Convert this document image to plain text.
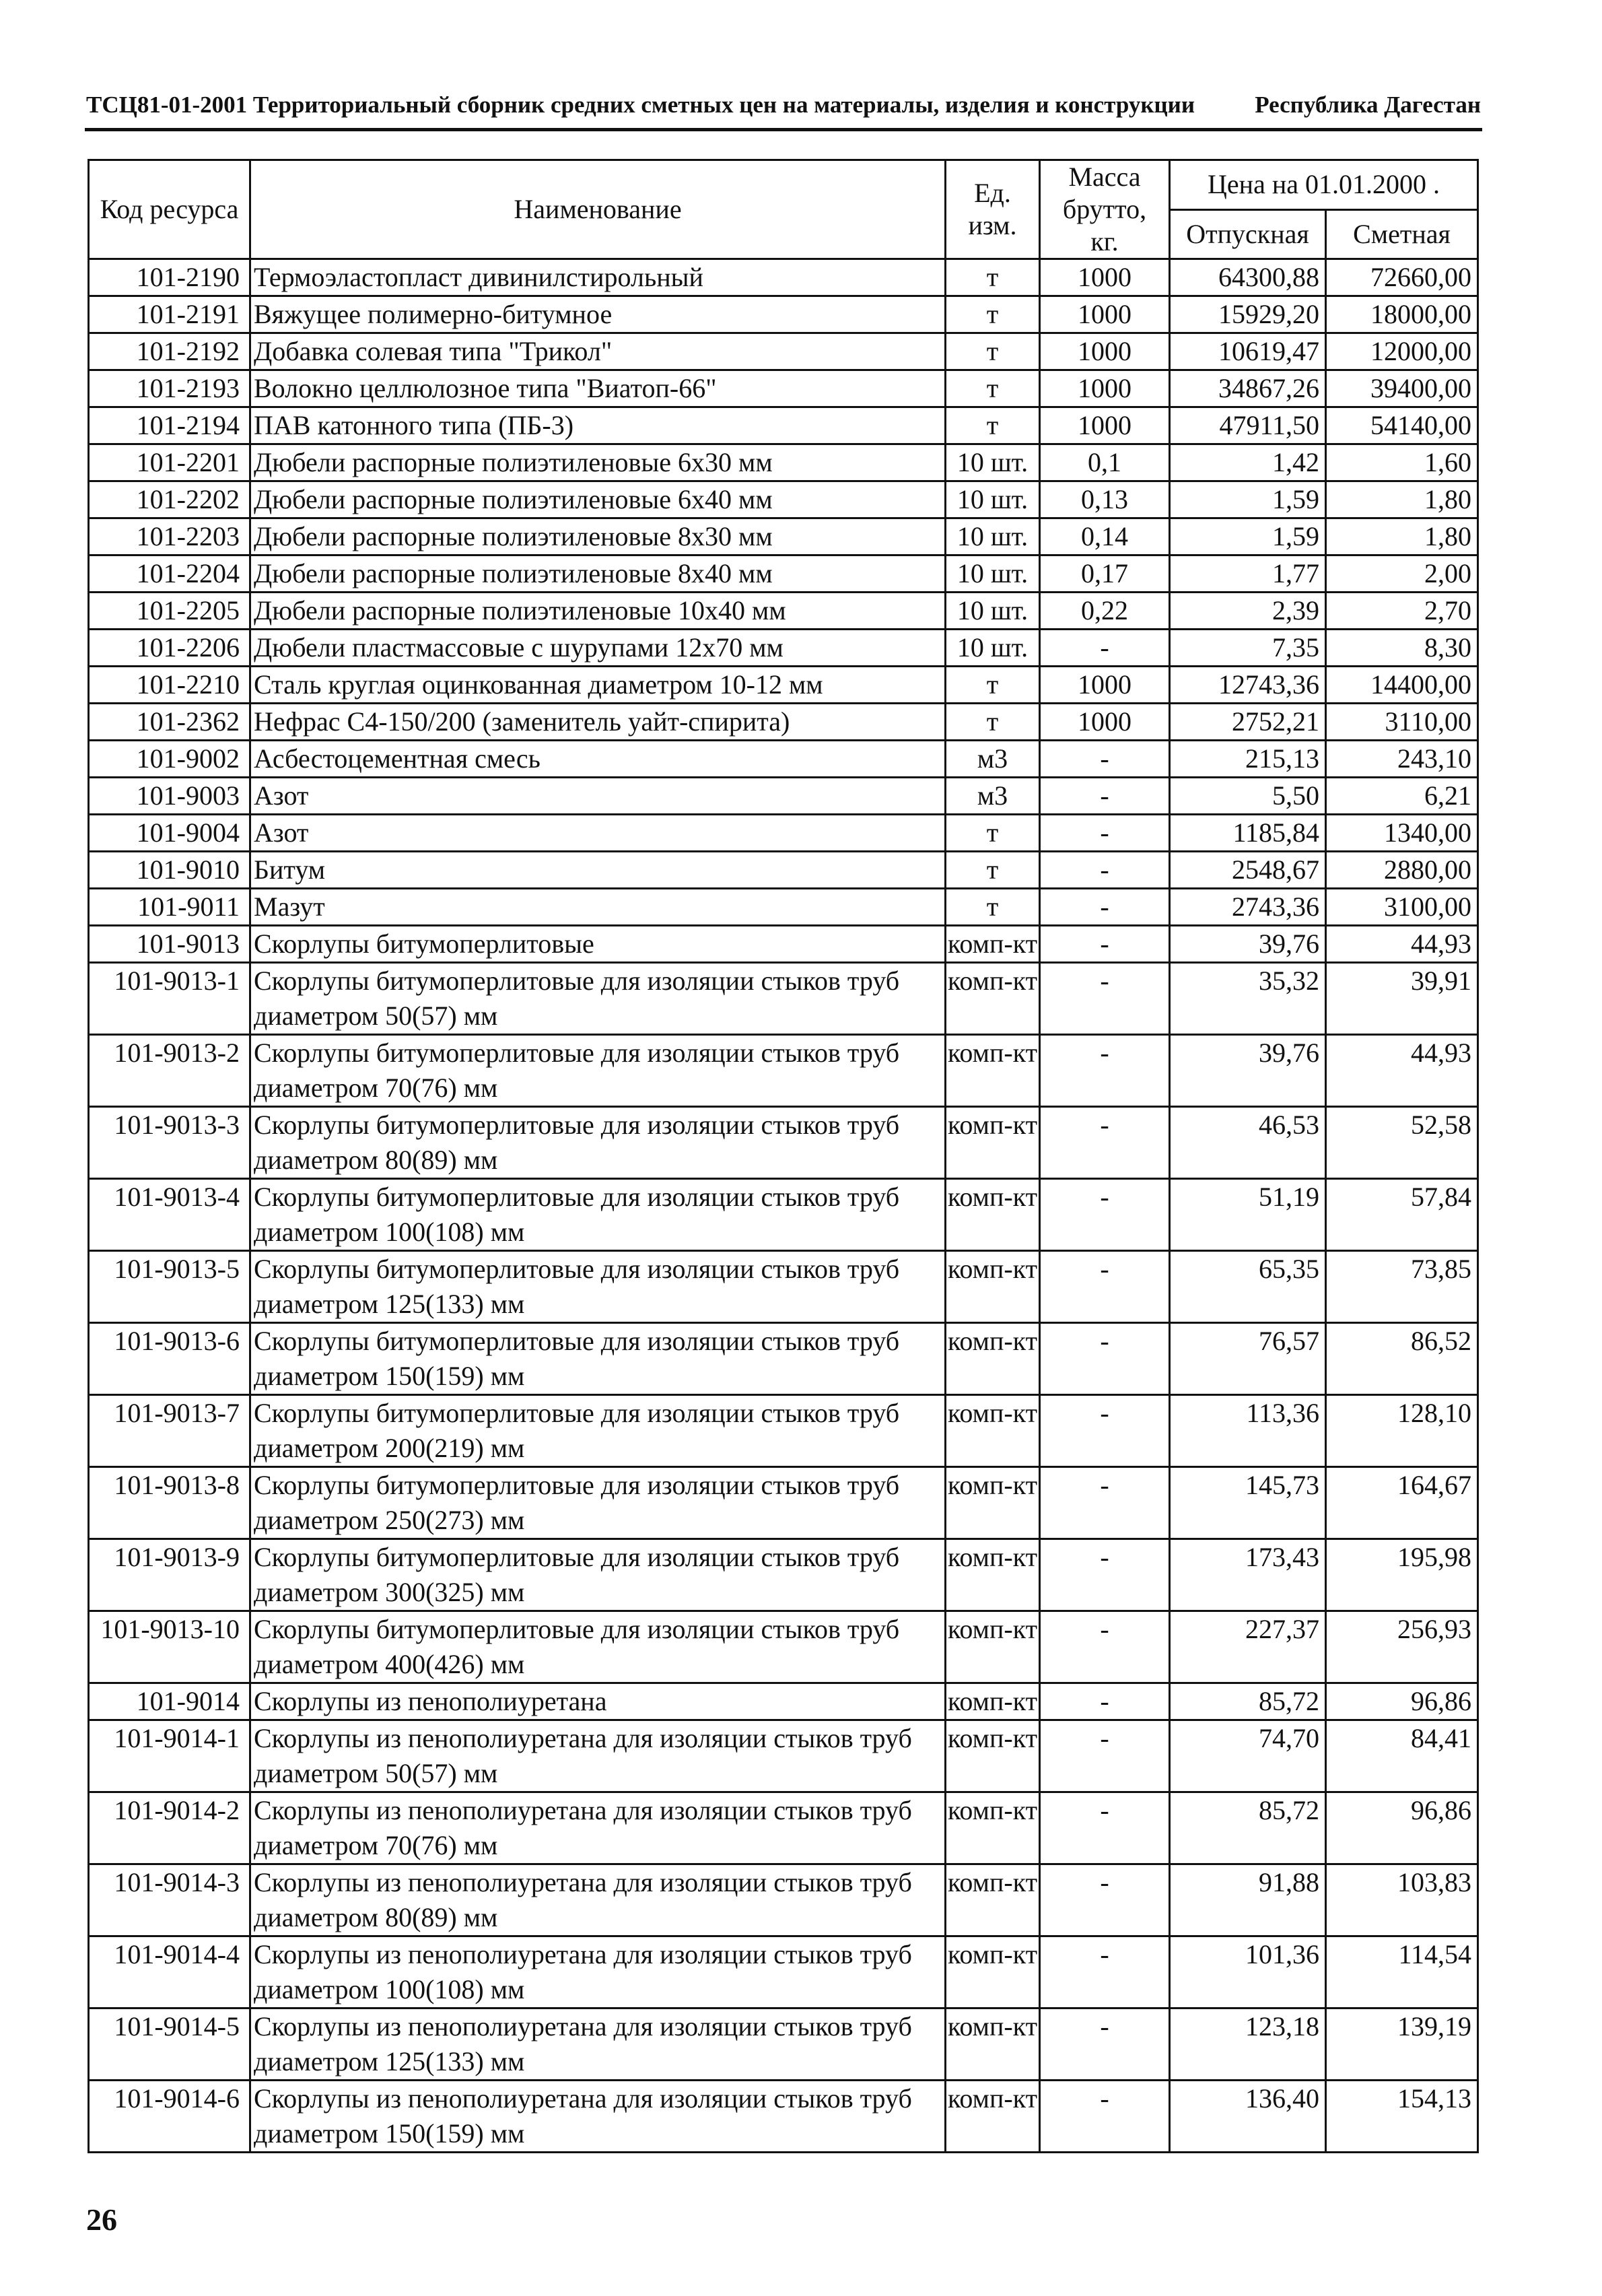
ТСЦ81-01-2001 Территориальный сборник средних сметных цен на материалы, изделия и конструкции	Республика Дагестан
Код ресурса	Наименование	Ед. изм.	Масса брутто, кг.	Цена на 01.01.2000 .	
				Отпускная	Сметная
101-2190	Термоэластопласт дивинилстирольный	т	1000	64300,88	72660,00
101-2191	Вяжущее полимерно-битумное	т	1000	15929,20	18000,00
101-2192	Добавка солевая типа "Трикол"	т	1000	10619,47	12000,00
101-2193	Волокно целлюлозное типа "Виатоп-66"	т	1000	34867,26	39400,00
101-2194	ПАВ катонного типа (ПБ-3)	т	1000	47911,50	54140,00
101-2201	Дюбели распорные полиэтиленовые 6x30 мм	10 шт.	0,1	1,42	1,60
101-2202	Дюбели распорные полиэтиленовые 6x40 мм	10 шт.	0,13	1,59	1,80
101-2203	Дюбели распорные полиэтиленовые 8x30 мм	10 шт.	0,14	1,59	1,80
101-2204	Дюбели распорные полиэтиленовые 8x40 мм	10 шт.	0,17	1,77	2,00
101-2205	Дюбели распорные полиэтиленовые 10x40 мм	10 шт.	0,22	2,39	2,70
101-2206	Дюбели пластмассовые с шурупами 12x70 мм	10 шт.	-	7,35	8,30
101-2210	Сталь круглая оцинкованная диаметром 10-12 мм	т	1000	12743,36	14400,00
101-2362	Нефрас С4-150/200 (заменитель уайт-спирита)	т	1000	2752,21	3110,00
101-9002	Асбестоцементная смесь	м3	-	215,13	243,10
101-9003	Азот	м3	-	5,50	6,21
101-9004	Азот	т	-	1185,84	1340,00
101-9010	Битум	т	-	2548,67	2880,00
101-9011	Мазут	т	-	2743,36	3100,00
101-9013	Скорлупы битумоперлитовые	комп-кт	-	39,76	44,93
101-9013-1	Скорлупы битумоперлитовые для изоляции стыков труб диаметром 50(57) мм	комп-кт	-	35,32	39,91
101-9013-2	Скорлупы битумоперлитовые для изоляции стыков труб диаметром 70(76) мм	комп-кт	-	39,76	44,93
101-9013-3	Скорлупы битумоперлитовые для изоляции стыков труб диаметром 80(89) мм	комп-кт	-	46,53	52,58
101-9013-4	Скорлупы битумоперлитовые для изоляции стыков труб диаметром 100(108) мм	комп-кт	-	51,19	57,84
101-9013-5	Скорлупы битумоперлитовые для изоляции стыков труб диаметром 125(133) мм	комп-кт	-	65,35	73,85
101-9013-6	Скорлупы битумоперлитовые для изоляции стыков труб диаметром 150(159) мм	комп-кт	-	76,57	86,52
101-9013-7	Скорлупы битумоперлитовые для изоляции стыков труб диаметром 200(219) мм	комп-кт	-	113,36	128,10
101-9013-8	Скорлупы битумоперлитовые для изоляции стыков труб диаметром 250(273) мм	комп-кт	-	145,73	164,67
101-9013-9	Скорлупы битумоперлитовые для изоляции стыков труб диаметром 300(325) мм	комп-кт	-	173,43	195,98
101-9013-10	Скорлупы битумоперлитовые для изоляции стыков труб диаметром 400(426) мм	комп-кт	-	227,37	256,93
101-9014	Скорлупы из пенополиуретана	комп-кт	-	85,72	96,86
101-9014-1	Скорлупы из пенополиуретана для изоляции стыков труб диаметром 50(57) мм	комп-кт	-	74,70	84,41
101-9014-2	Скорлупы из пенополиуретана для изоляции стыков труб диаметром 70(76) мм	комп-кт	-	85,72	96,86
101-9014-3	Скорлупы из пенополиуретана для изоляции стыков труб диаметром 80(89) мм	комп-кт	-	91,88	103,83
101-9014-4	Скорлупы из пенополиуретана для изоляции стыков труб диаметром 100(108) мм	комп-кт	-	101,36	114,54
101-9014-5	Скорлупы из пенополиуретана для изоляции стыков труб диаметром 125(133) мм	комп-кт	-	123,18	139,19
101-9014-6	Скорлупы из пенополиуретана для изоляции стыков труб диаметром 150(159) мм	комп-кт	-	136,40	154,13
26
